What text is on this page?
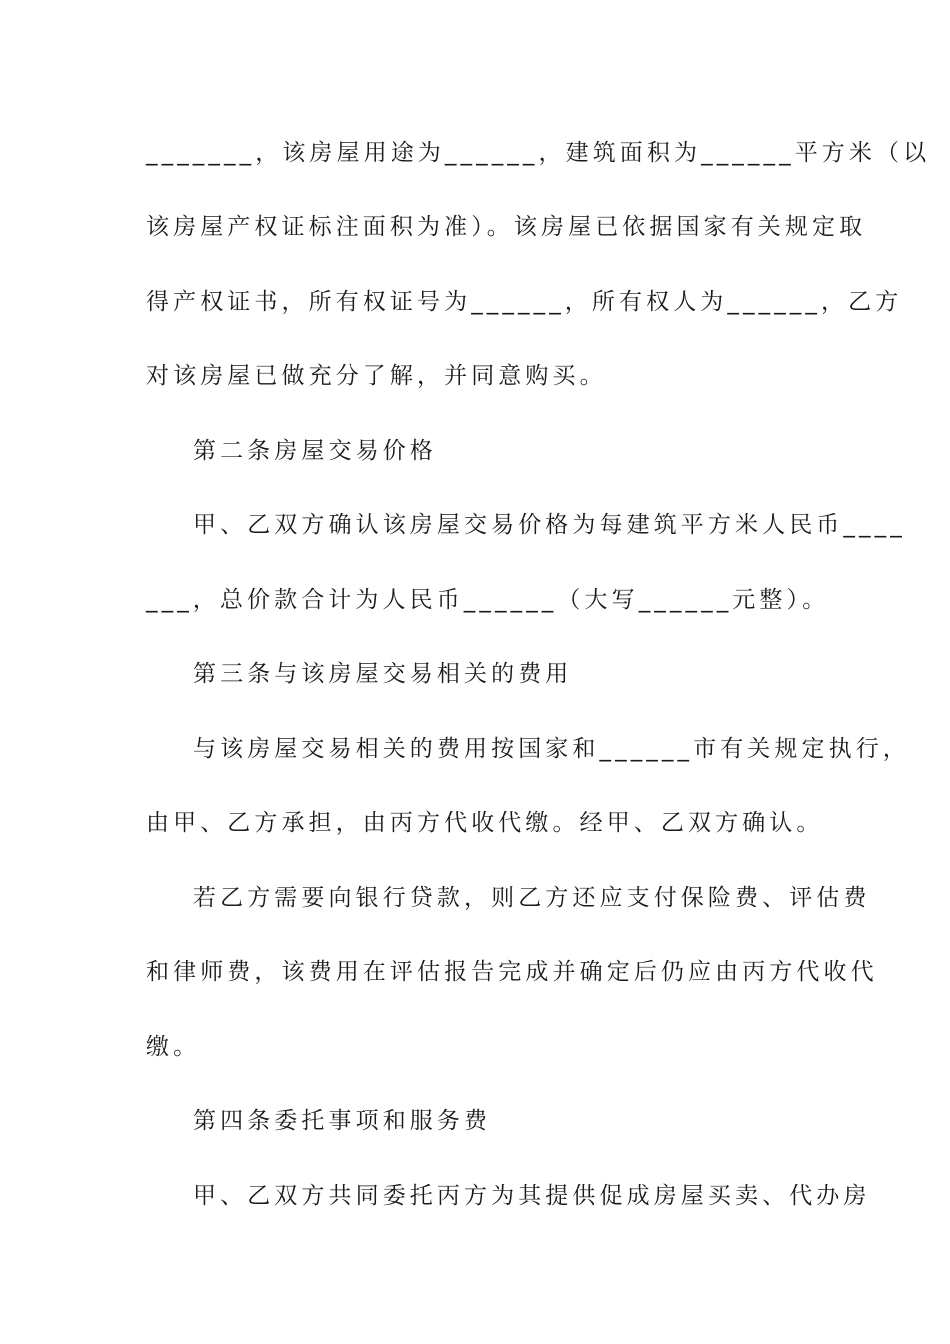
_______，该房屋用途为______，建筑面积为______平方米（以
该房屋产权证标注面积为准）。该房屋已依据国家有关规定取
得产权证书，所有权证号为______，所有权人为______，乙方
对该房屋已做充分了解，并同意购买。
第二条房屋交易价格
甲、乙双方确认该房屋交易价格为每建筑平方米人民币____
___，总价款合计为人民币______（大写______元整）。
第三条与该房屋交易相关的费用
与该房屋交易相关的费用按国家和______市有关规定执行，
由甲、乙方承担，由丙方代收代缴。经甲、乙双方确认。
若乙方需要向银行贷款，则乙方还应支付保险费、评估费
和律师费，该费用在评估报告完成并确定后仍应由丙方代收代
缴。
第四条委托事项和服务费
甲、乙双方共同委托丙方为其提供促成房屋买卖、代办房
